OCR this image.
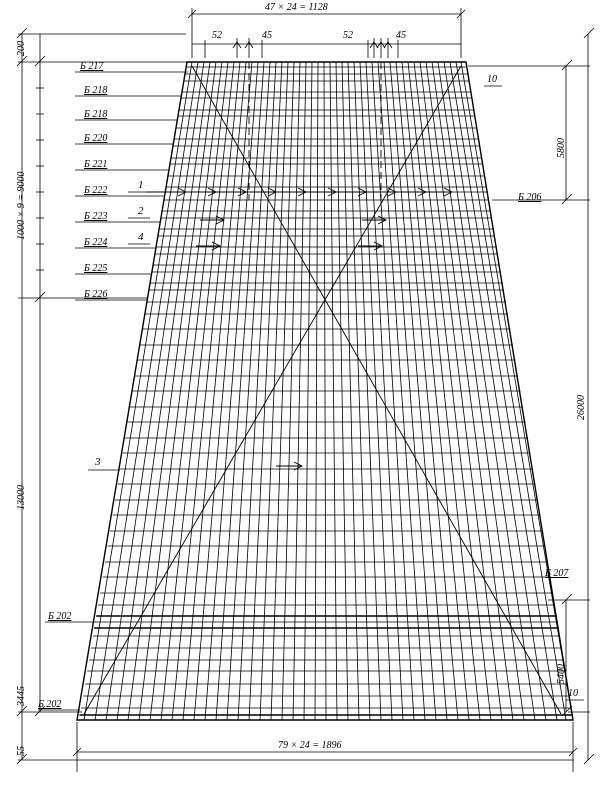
47 × 24 = 1128
52	45	52	45
79 × 24 = 1896
200
1000 × 9 = 9000
13000
3445
55
26000
5800
5400
10
10
Б 217
Б 218
Б 218
Б 220
Б 221
Б 222
Б 223
Б 224
Б 225
Б 226
Б 202
Б 202
Б 206
Б 207
1
2
4
3
